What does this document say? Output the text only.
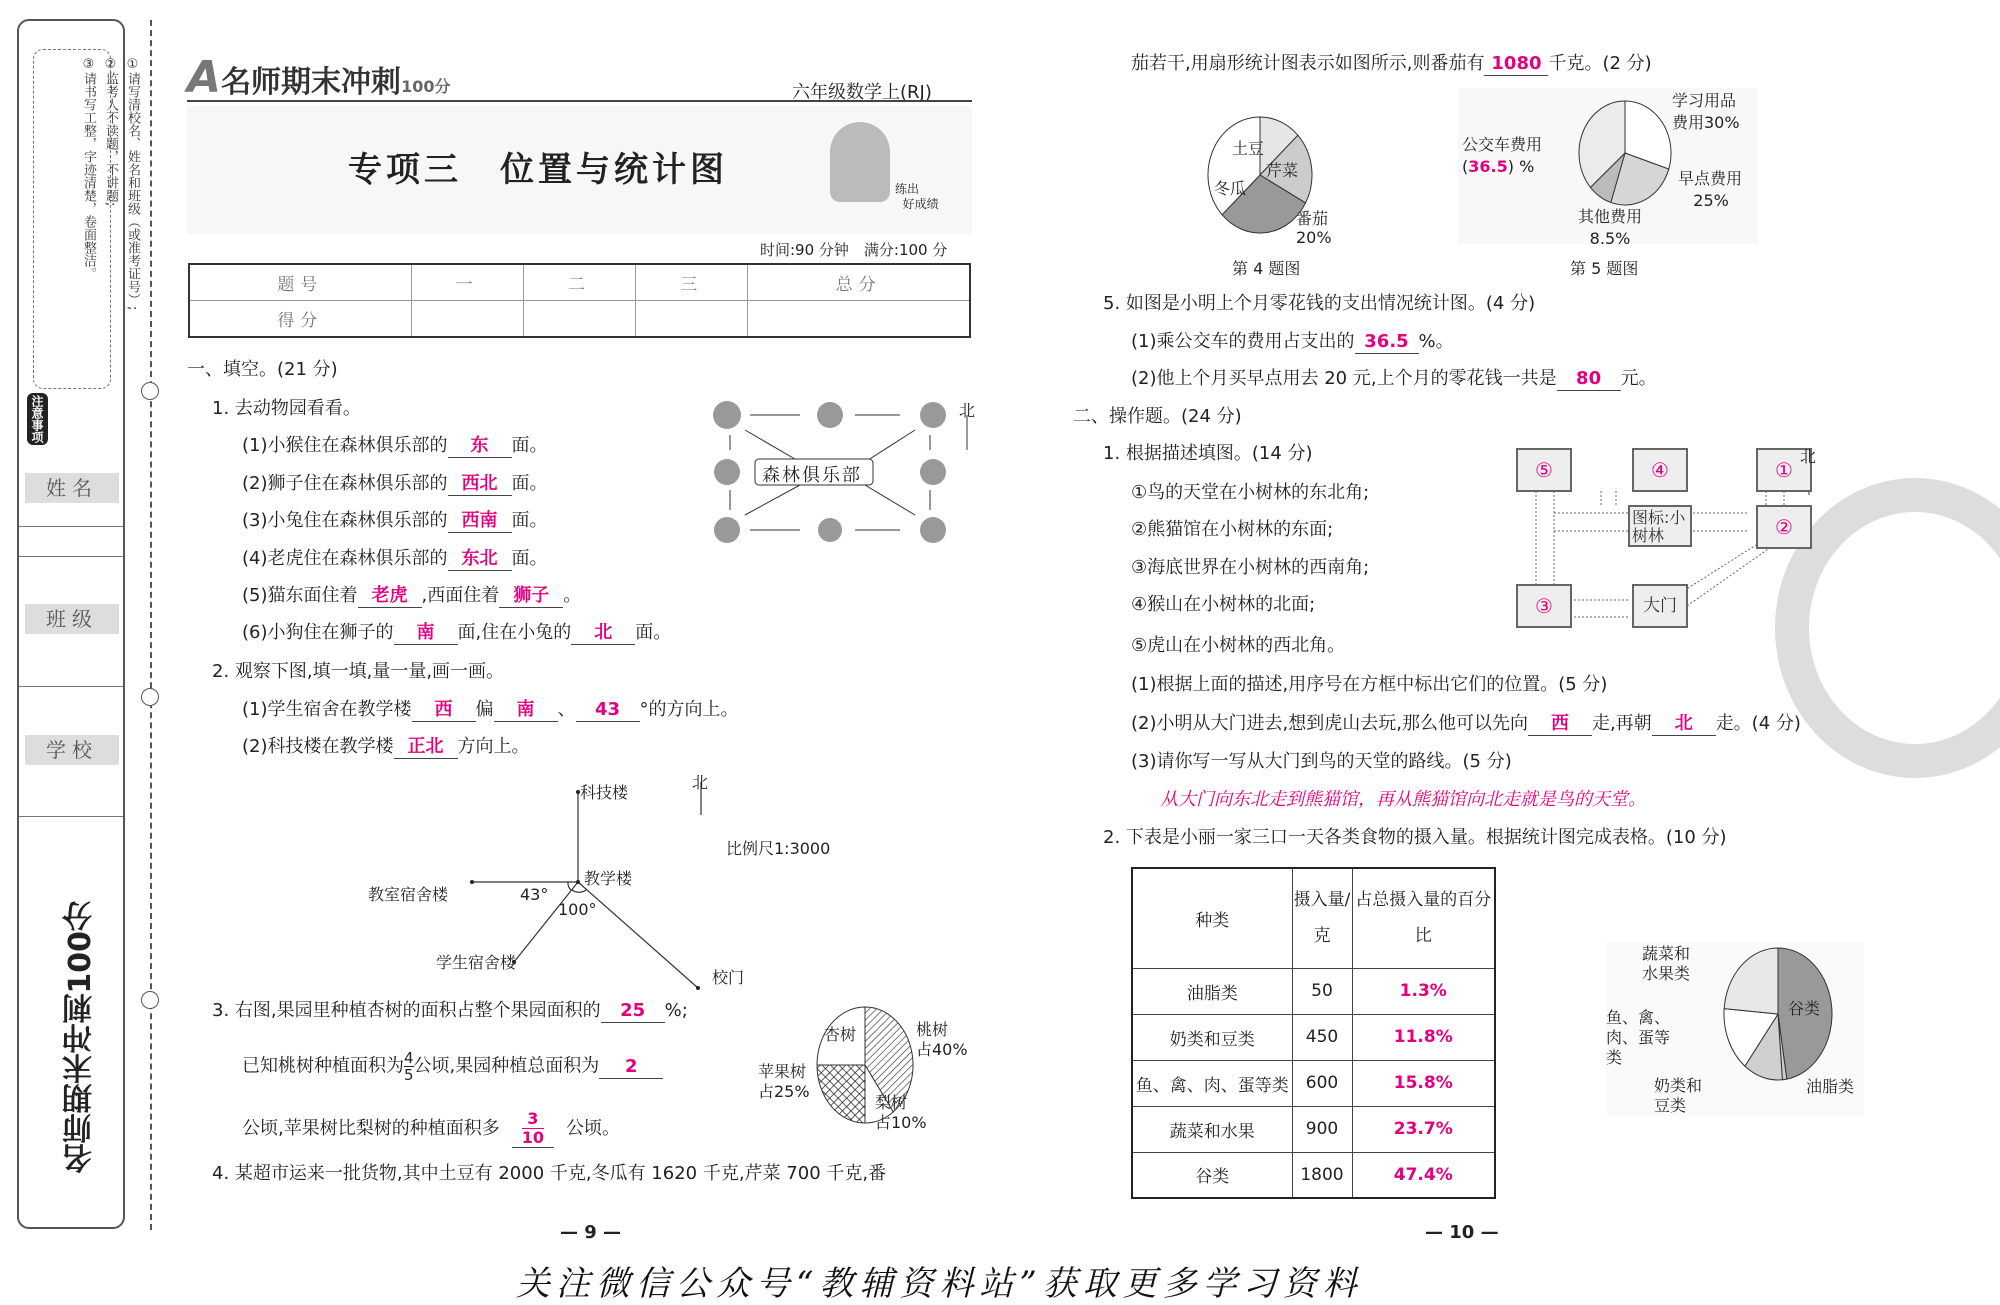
①请写清校名、姓名和班级（或准考证号）;
②监考人不读题，不讲题;
③请书写工整，字迹清楚，卷面整洁。
注意事项
姓名
班级
学校
名师期末冲刺100分
A名师期末冲刺100分	六年级数学上(RJ)
专项三　位置与统计图	练出
好成绩
时间:90 分钟　满分:100 分
题号	一	二	三	总分
得分				
一、填空。(21 分)
1. 去动物园看看。
(1)小猴住在森林俱乐部的 东 面。
(2)狮子住在森林俱乐部的 西北 面。
(3)小兔住在森林俱乐部的 西南 面。
(4)老虎住在森林俱乐部的 东北 面。
(5)猫东面住着 老虎 ,西面住着 狮子 。
(6)小狗住在狮子的 南 面,住在小兔的 北 面。
森林俱乐部
北
2. 观察下图,填一填,量一量,画一画。
(1)学生宿舍在教学楼 西 偏 南 、 43 °的方向上。
(2)科技楼在教学楼 正北 方向上。
科技楼
北
比例尺1:3000
教学楼
教室宿舍楼	43°
100°
学生宿舍楼
校门
3. 右图,果园里种植杏树的面积占整个果园面积的 25 %;
已知桃树种植面积为 $\frac{4}{5}$ 公顷,果园种植总面积为 2
公顷,苹果树比梨树的种植面积多 $\frac{3}{10}$ 公顷。
杏树	桃树
占40%
苹果树
占25%
梨树
占10%
4. 某超市运来一批货物,其中土豆有 2000 千克,冬瓜有 1620 千克,芹菜 700 千克,番
— 9 —
茄若干,用扇形统计图表示如图所示,则番茄有 1080 千克。(2 分)
土豆
芹菜
冬瓜
番茄
20%
第 4 题图
学习用品
费用30%
公交车费用
(36.5) %
早点费用
25%
其他费用
8.5%
第 5 题图
5. 如图是小明上个月零花钱的支出情况统计图。(4 分)
(1)乘公交车的费用占支出的 36.5 %。
(2)他上个月买早点用去 20 元,上个月的零花钱一共是 80 元。
二、操作题。(24 分)
1. 根据描述填图。(14 分)
①鸟的天堂在小树林的东北角;
②熊猫馆在小树林的东面;
③海底世界在小树林的西南角;
④猴山在小树林的北面;
⑤虎山在小树林的西北角。
⑤	④	①
②
③
图标:小树林
大门
北
(1)根据上面的描述,用序号在方框中标出它们的位置。(5 分)
(2)小明从大门进去,想到虎山去玩,那么他可以先向 西 走,再朝 北 走。(4 分)
(3)请你写一写从大门到鸟的天堂的路线。(5 分)
从大门向东北走到熊猫馆，再从熊猫馆向北走就是鸟的天堂。
2. 下表是小丽一家三口一天各类食物的摄入量。根据统计图完成表格。(10 分)
种类	摄入量/克	占总摄入量的百分比
油脂类	50	1.3%
奶类和豆类	450	11.8%
鱼、禽、肉、蛋等类	600	15.8%
蔬菜和水果	900	23.7%
谷类	1800	47.4%
蔬菜和水果类
谷类
鱼、禽、肉、蛋等类
奶类和豆类
油脂类
— 10 —
关注微信公众号“教辅资料站”获取更多学习资料
